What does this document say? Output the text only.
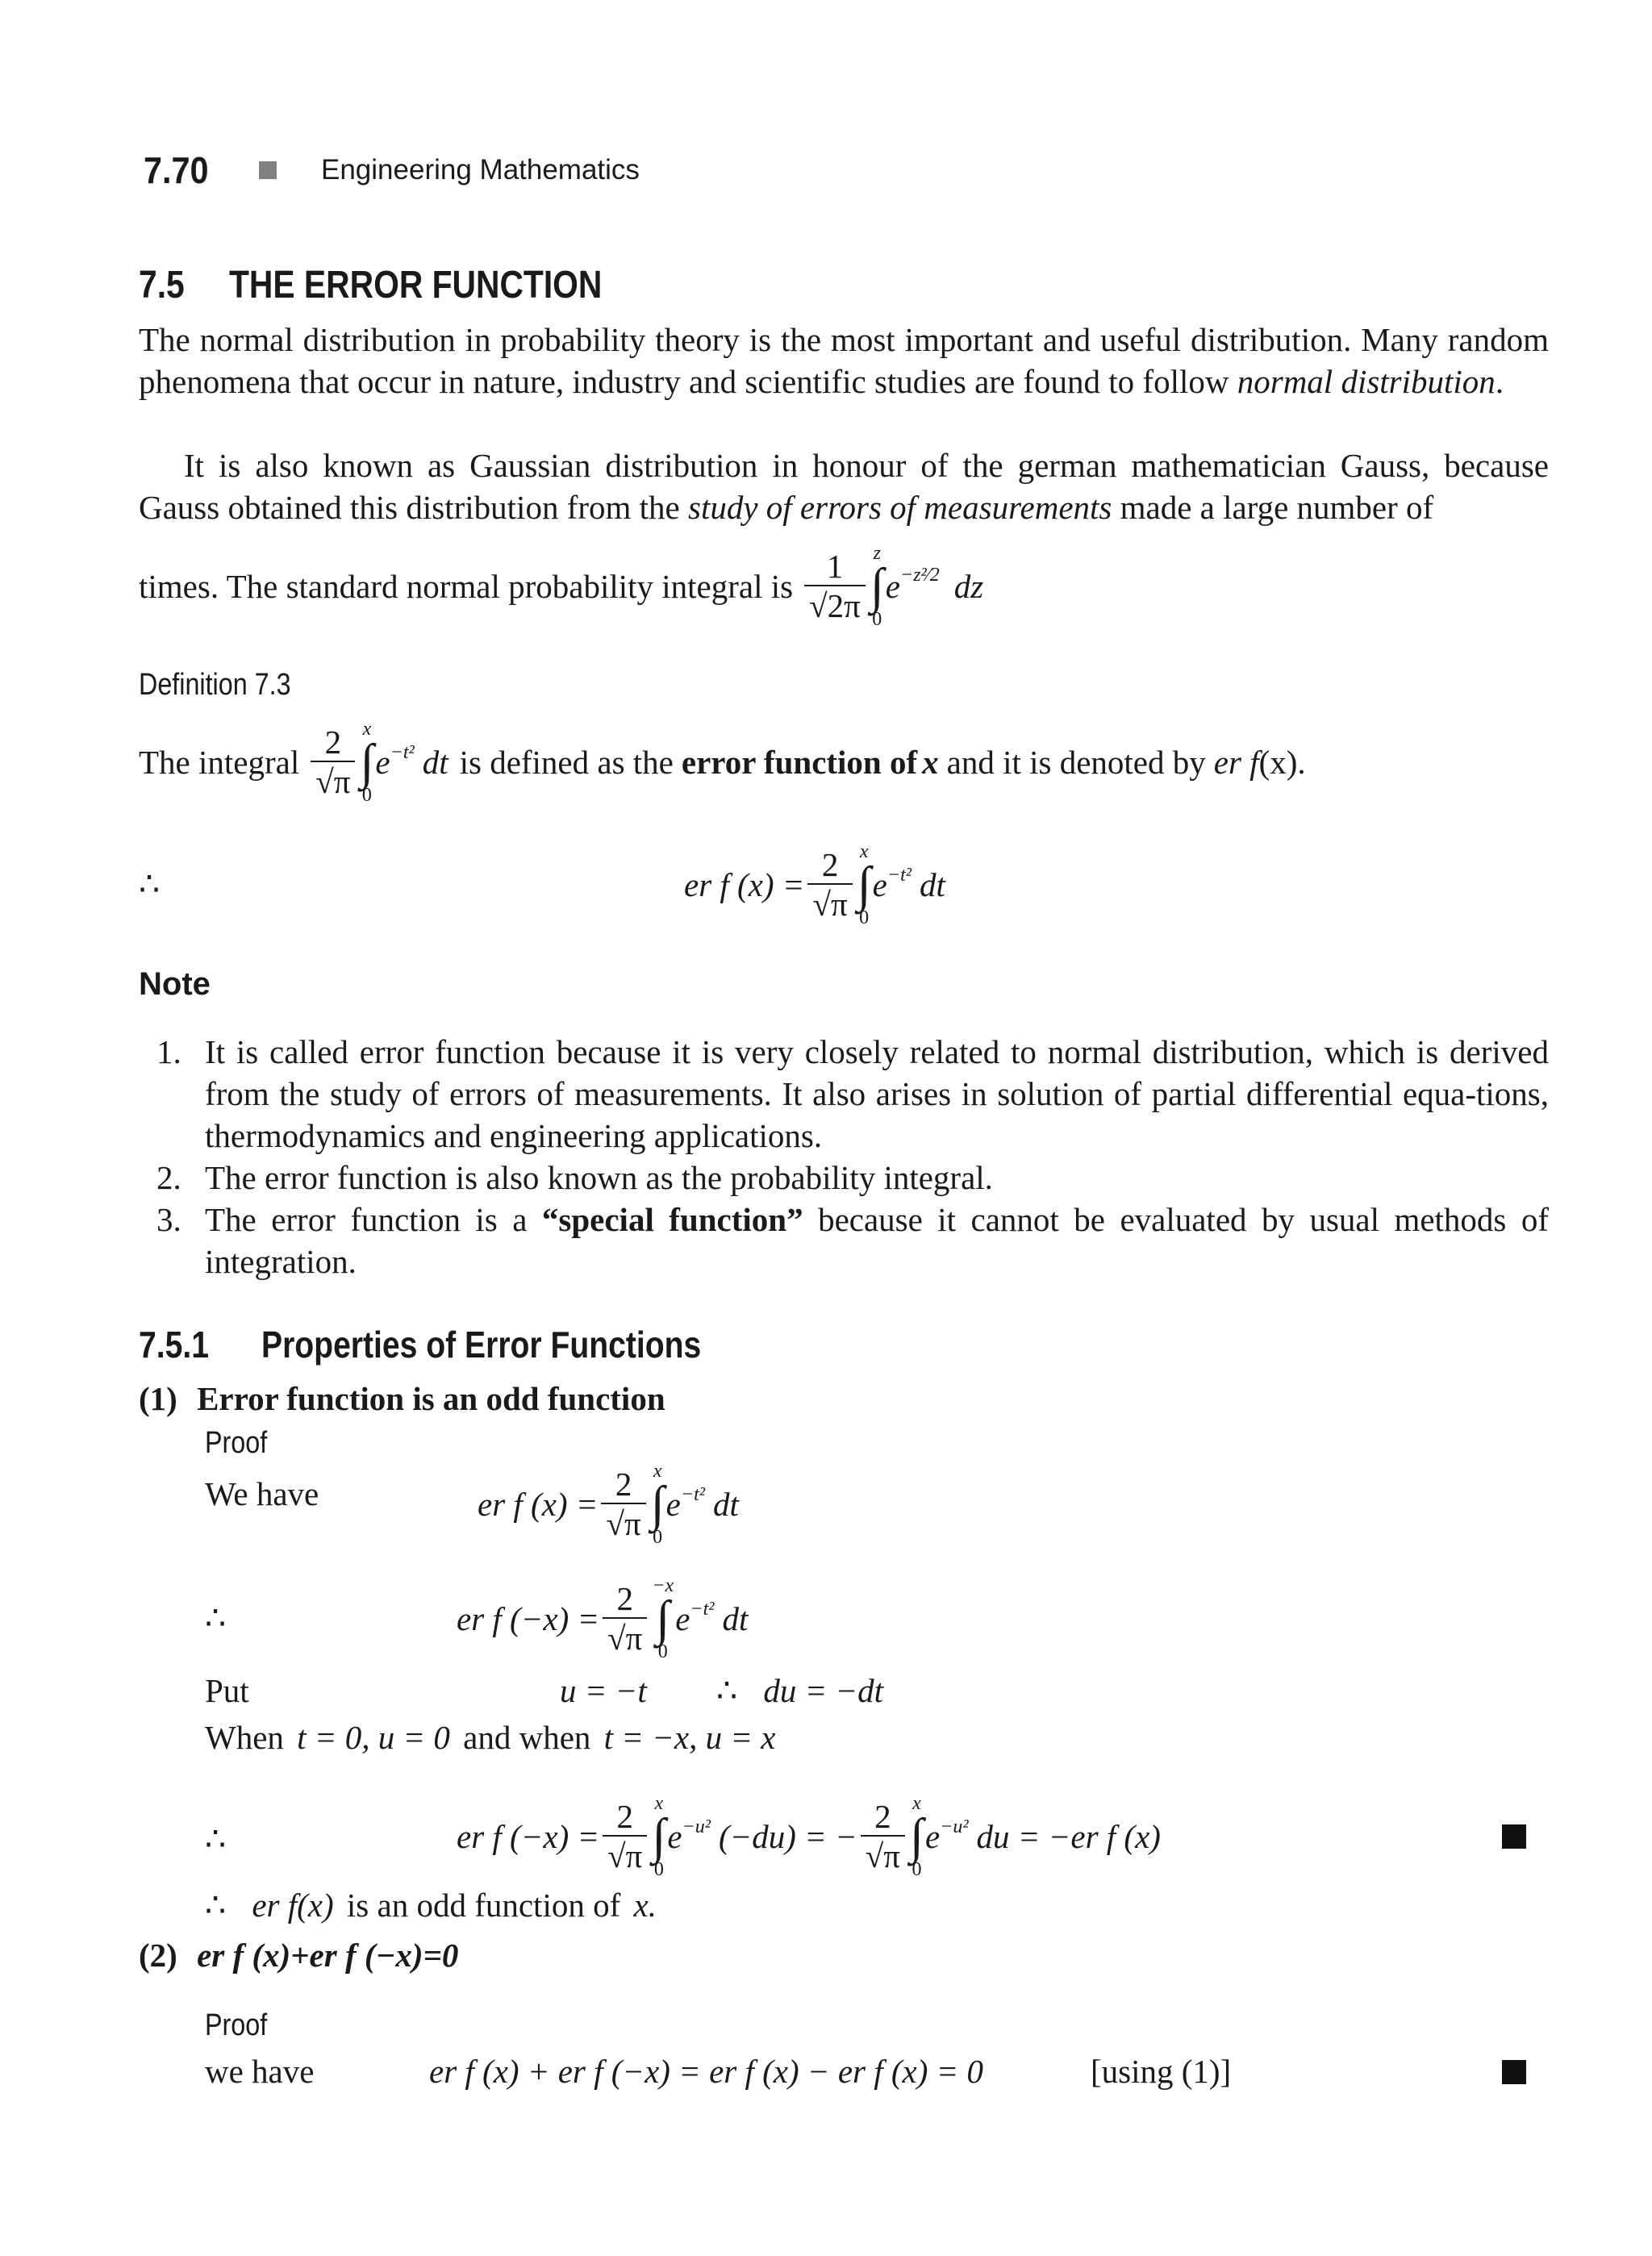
7.70	Engineering Mathematics
7.5 THE ERROR FUNCTION
The normal distribution in probability theory is the most important and useful distribution. Many random phenomena that occur in nature, industry and scientific studies are found to follow normal distribution.
It is also known as Gaussian distribution in honour of the german mathematician Gauss, because Gauss obtained this distribution from the study of errors of measurements made a large number of
times. The standard normal probability integral is $\frac{1}{√2\pi}$ z
∫
0
$e^{-z^2⁄2}$ dz
Definition 7.3
The integral $\frac{2}{√\pi}$ x
∫
0
$e^{-t^2}$ dt is defined as the error function of x and it is denoted by er f (x).
∴	er f $(x) = \frac{2}{√\pi}$ x
∫
0
$e^{-t^2}$ dt
Note
1. It is called error function because it is very closely related to normal distribution, which is derived from the study of errors of measurements. It also arises in solution of partial differential equa-tions, thermodynamics and engineering applications.
2. The error function is also known as the probability integral.
3. The error function is a “special function” because it cannot be evaluated by usual methods of integration.
7.5.1 Properties of Error Functions
(1) Error function is an odd function
Proof
We have	er f $(x) = \frac{2}{√\pi}$ x
∫
0
$e^{-t^2}$ dt
∴	er f $(-x) = \frac{2}{√\pi} -x$
∫
0
$e^{-t^2}$ dt
Put	u = −t ∴ du = −dt
When t = 0, u = 0 and when t = −x, u = x
∴	er f $(-x) = \frac{2}{√\pi}$ x
∫
0
$e^{-u^2}$ (−du) = − $\frac{2}{√\pi}$ x
∫
0
$e^{-u^2}$ du = −er f (x)
∴ er f(x) is an odd function of x.
(2) er f (x)+er f (−x)=0
Proof
we have	er f (x) + er f (−x) = er f (x) − er f (x) = 0	[using (1)]
